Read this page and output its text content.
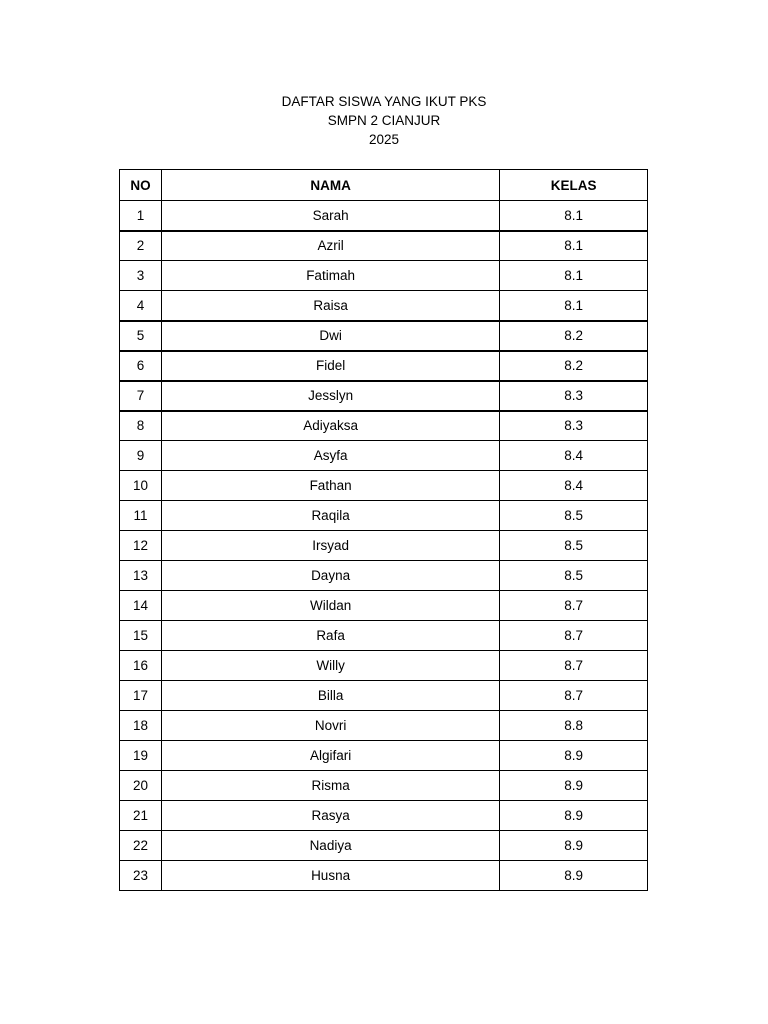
DAFTAR SISWA YANG IKUT PKS
SMPN 2 CIANJUR
2025
NO	NAMA	KELAS
1	Sarah	8.1
2	Azril	8.1
3	Fatimah	8.1
4	Raisa	8.1
5	Dwi	8.2
6	Fidel	8.2
7	Jesslyn	8.3
8	Adiyaksa	8.3
9	Asyfa	8.4
10	Fathan	8.4
11	Raqila	8.5
12	Irsyad	8.5
13	Dayna	8.5
14	Wildan	8.7
15	Rafa	8.7
16	Willy	8.7
17	Billa	8.7
18	Novri	8.8
19	Algifari	8.9
20	Risma	8.9
21	Rasya	8.9
22	Nadiya	8.9
23	Husna	8.9
